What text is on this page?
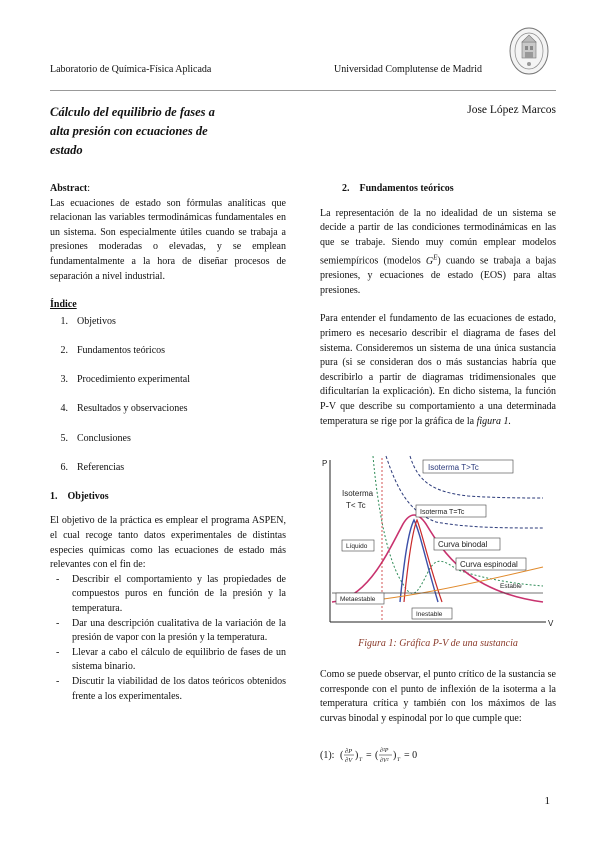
Laboratorio de Química-Física Aplicada	Universidad Complutense de Madrid
Cálculo del equilibrio de fases a
alta presión con ecuaciones de
estado
Jose López Marcos
Abstract:
Las ecuaciones de estado son fórmulas analíticas que relacionan las variables termodinámicas fundamentales en un sistema. Son especialmente útiles cuando se trabaja a presiones moderadas o elevadas, y se emplean fundamentalmente a la hora de diseñar procesos de separación a nivel industrial.
Índice
1. Objetivos
2. Fundamentos teóricos
3. Procedimiento experimental
4. Resultados y observaciones
5. Conclusiones
6. Referencias
1.    Objetivos
El objetivo de la práctica es emplear el programa ASPEN, el cual recoge tanto datos experimentales de distintas especies químicas como las ecuaciones de estado más relevantes con el fin de:
-	Describir el comportamiento y las propiedades de compuestos puros en función de la presión y la temperatura.
-	Dar una descripción cualitativa de la variación de la presión de vapor con la presión y la temperatura.
-	Llevar a cabo el cálculo de equilibrio de fases de un sistema binario.
-	Discutir la viabilidad de los datos teóricos obtenidos frente a los experimentales.
2.    Fundamentos teóricos
La representación de la no idealidad de un sistema se decide a partir de las condiciones termodinámicas en las que se trabaje. Siendo muy común emplear modelos semiempíricos (modelos $G^E$) cuando se trabaja a bajas presiones, y ecuaciones de estado (EOS) para altas presiones.
Para entender el fundamento de las ecuaciones de estado, primero es necesario describir el diagrama de fases del sistema. Consideremos un sistema de una única sustancia pura (si se consideran dos o más sustancias habría que describirlo a partir de diagramas tridimensionales que dificultarían la explicación). En dicho sistema, la función P-V que describe su comportamiento a una determinada temperatura se rige por la gráfica de la figura 1.
P
V
Isoterma T>Tc
Isoterma
T< Tc
Isoterma T=Tc
Líquido	Curva binodal
Curva espinodal
Estable
Metaestable
Inestable
Figura 1: Gráfica P-V de una sustancia
Como se puede observar, el punto crítico de la sustancia se corresponde con el punto de inflexión de la isoterma a la temperatura crítica y también con los máximos de las curvas binodal y espinodal por lo que cumple que:
(1): ( ∂P
∂V ) T = ( ∂²P
∂V² ) T = 0
1
